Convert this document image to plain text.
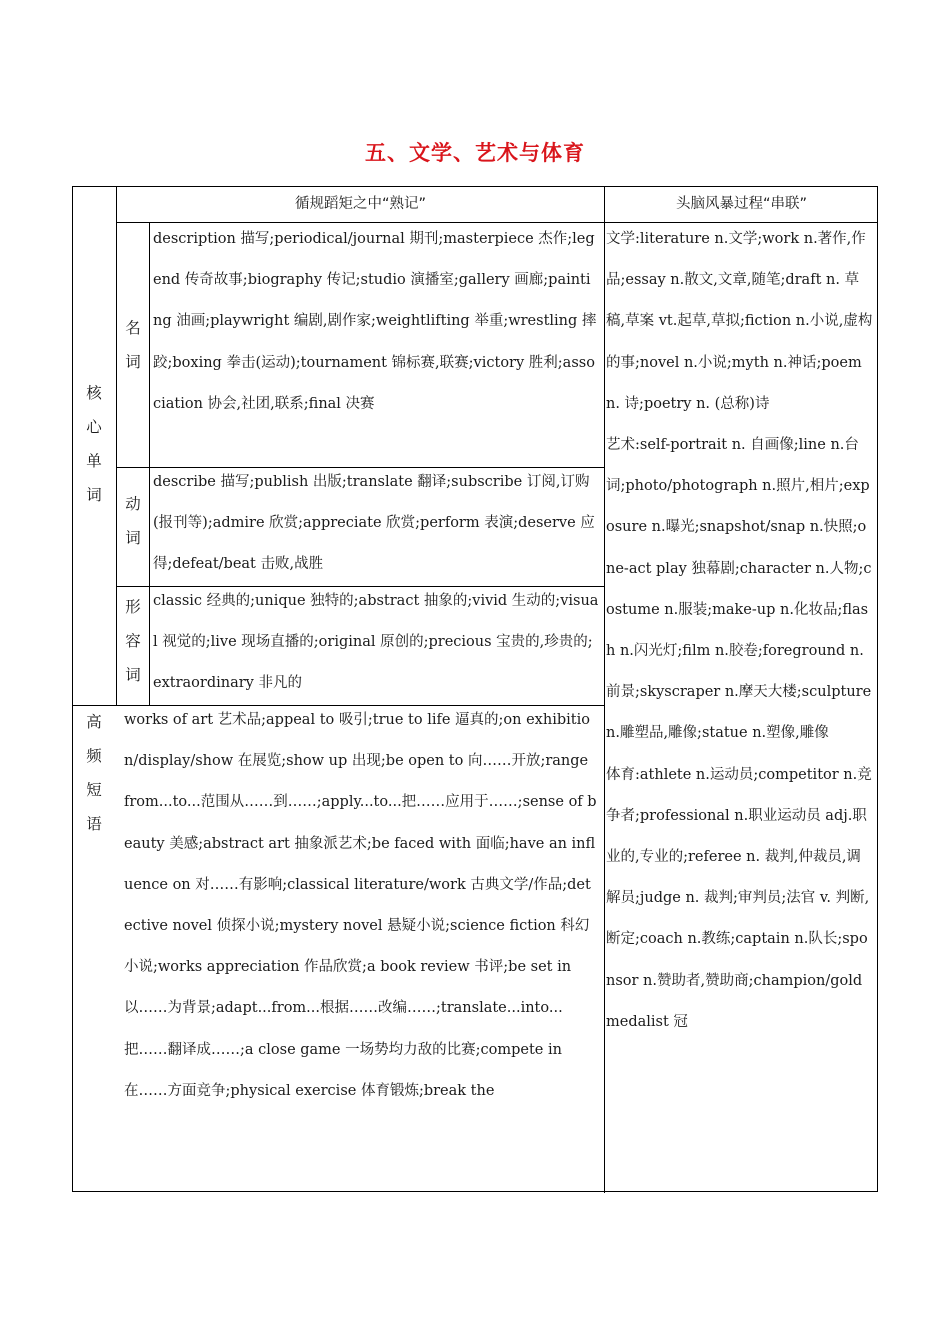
五、文学、艺术与体育
循规蹈矩之中“熟记”	头脑风暴过程“串联”
核心单词
高频短语
名词
动词
形容词
description 描写;periodical/journal 期刊;masterpiece 杰作;legend 传奇故事;biography 传记;studio 演播室;gallery 画廊;painting 油画;playwright 编剧,剧作家;weightlifting 举重;wrestling 摔跤;boxing 拳击(运动);tournament 锦标赛,联赛;victory 胜利;association 协会,社团,联系;final 决赛
describe 描写;publish 出版;translate 翻译;subscribe 订阅,订购(报刊等);admire 欣赏;appreciate 欣赏;perform 表演;deserve 应得;defeat/beat 击败,战胜
classic 经典的;unique 独特的;abstract 抽象的;vivid 生动的;visual 视觉的;live 现场直播的;original 原创的;precious 宝贵的,珍贵的;extraordinary 非凡的
works of art 艺术品;appeal to 吸引;true to life 逼真的;on exhibition/display/show 在展览;show up 出现;be open to 向……开放;range from...to...范围从……到……;apply...to...把……应用于……;sense of beauty 美感;abstract art 抽象派艺术;be faced with 面临;have an influence on 对……有影响;classical literature/work 古典文学/作品;detective novel 侦探小说;mystery novel 悬疑小说;science fiction 科幻小说;works appreciation 作品欣赏;a book review 书评;be set in 以……为背景;adapt...from...根据……改编……;translate...into...把……翻译成……;a close game 一场势均力敌的比赛;compete in 在……方面竞争;physical exercise 体育锻炼;break the
文学:literature n.文学;work n.著作,作品;essay n.散文,文章,随笔;draft n. 草稿,草案 vt.起草,草拟;fiction n.小说,虚构的事;novel n.小说;myth n.神话;poem n. 诗;poetry n. (总称)诗
艺术:self-portrait n. 自画像;line n.台词;photo/photograph n.照片,相片;exposure n.曝光;snapshot/snap n.快照;one-act play 独幕剧;character n.人物;costume n.服装;make-up n.化妆品;flash n.闪光灯;film n.胶卷;foreground n.前景;skyscraper n.摩天大楼;sculpture n.雕塑品,雕像;statue n.塑像,雕像
体育:athlete n.运动员;competitor n.竞争者;professional n.职业运动员 adj.职业的,专业的;referee n. 裁判,仲裁员,调解员;judge n. 裁判;审判员;法官 v. 判断,断定;coach n.教练;captain n.队长;sponsor n.赞助者,赞助商;champion/gold medalist 冠
